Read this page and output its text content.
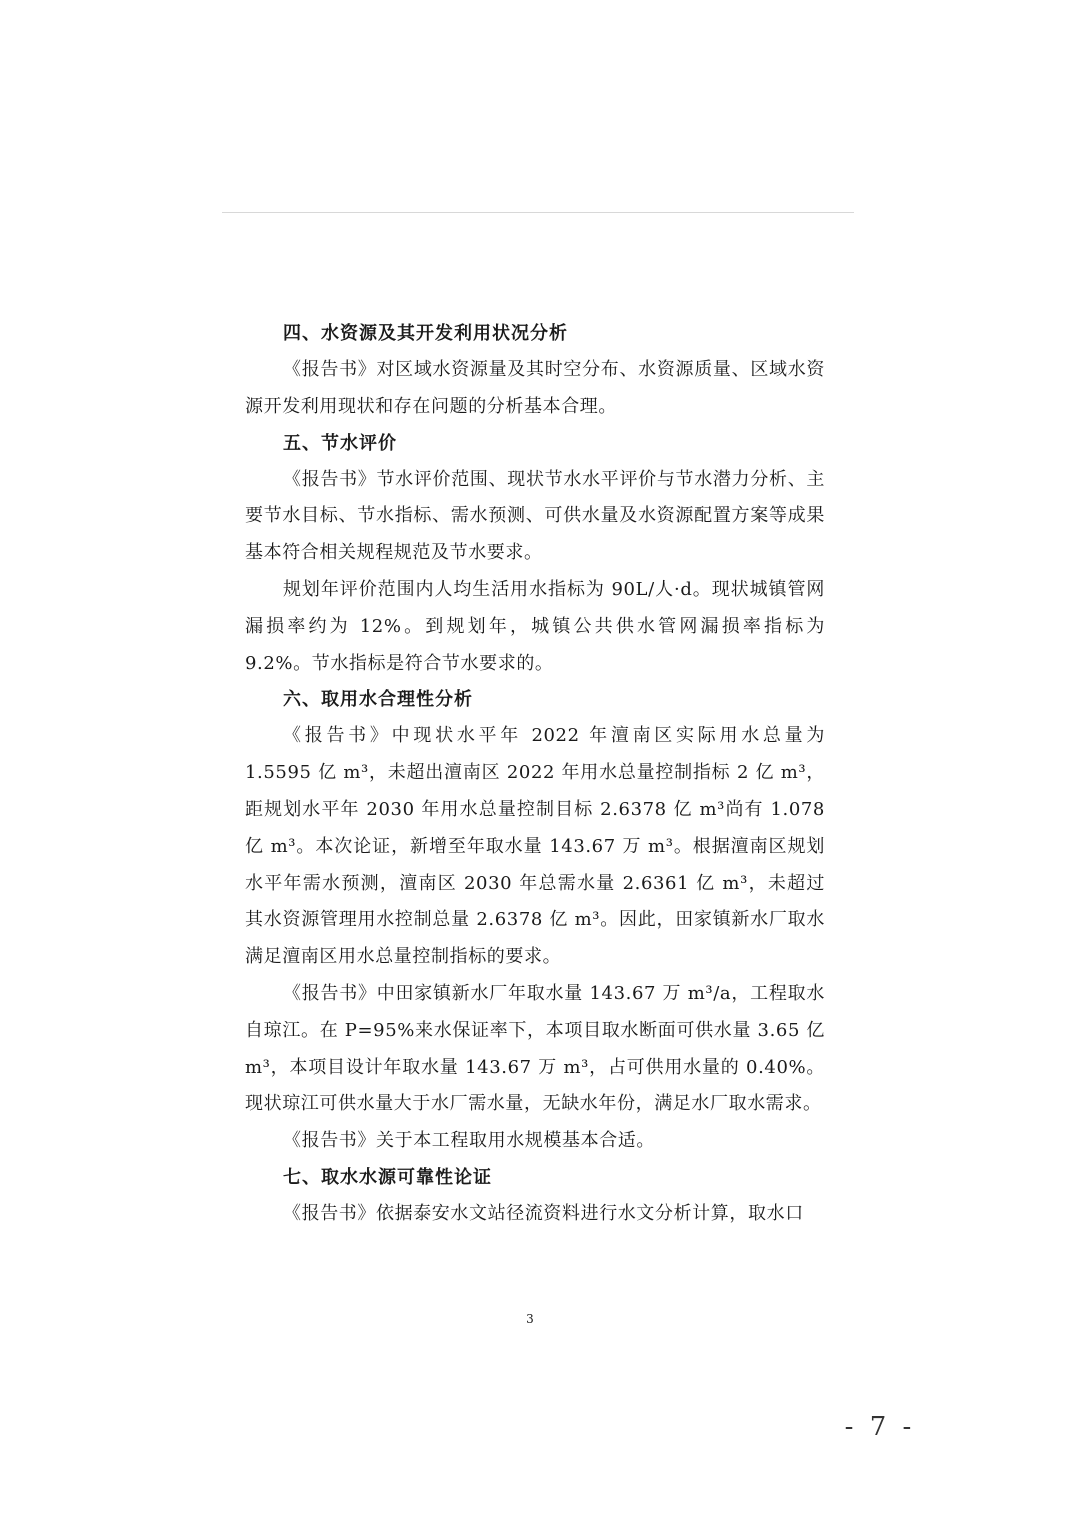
四、水资源及其开发利用状况分析

《报告书》对区域水资源量及其时空分布、水资源质量、区域水资源开发利用现状和存在问题的分析基本合理。

五、节水评价

《报告书》节水评价范围、现状节水水平评价与节水潜力分析、主要节水目标、节水指标、需水预测、可供水量及水资源配置方案等成果基本符合相关规程规范及节水要求。

规划年评价范围内人均生活用水指标为 90L/人·d。现状城镇管网漏损率约为 12%。到规划年，城镇公共供水管网漏损率指标为 9.2%。节水指标是符合节水要求的。

六、取用水合理性分析

《报告书》中现状水平年 2022 年澶南区实际用水总量为 1.5595 亿 m³，未超出澶南区 2022 年用水总量控制指标 2 亿 m³，距规划水平年 2030 年用水总量控制目标 2.6378 亿 m³尚有 1.078 亿 m³。本次论证，新增至年取水量 143.67 万 m³。根据澶南区规划水平年需水预测，澶南区 2030 年总需水量 2.6361 亿 m³，未超过其水资源管理用水控制总量 2.6378 亿 m³。因此，田家镇新水厂取水满足澶南区用水总量控制指标的要求。

《报告书》中田家镇新水厂年取水量 143.67 万 m³/a，工程取水自琼江。在 P=95%来水保证率下，本项目取水断面可供水量 3.65 亿 m³，本项目设计年取水量 143.67 万 m³，占可供用水量的 0.40%。现状琼江可供水量大于水厂需水量，无缺水年份，满足水厂取水需求。

《报告书》关于本工程取用水规模基本合适。

七、取水水源可靠性论证

《报告书》依据泰安水文站径流资料进行水文分析计算，取水口

3
- 7 -
